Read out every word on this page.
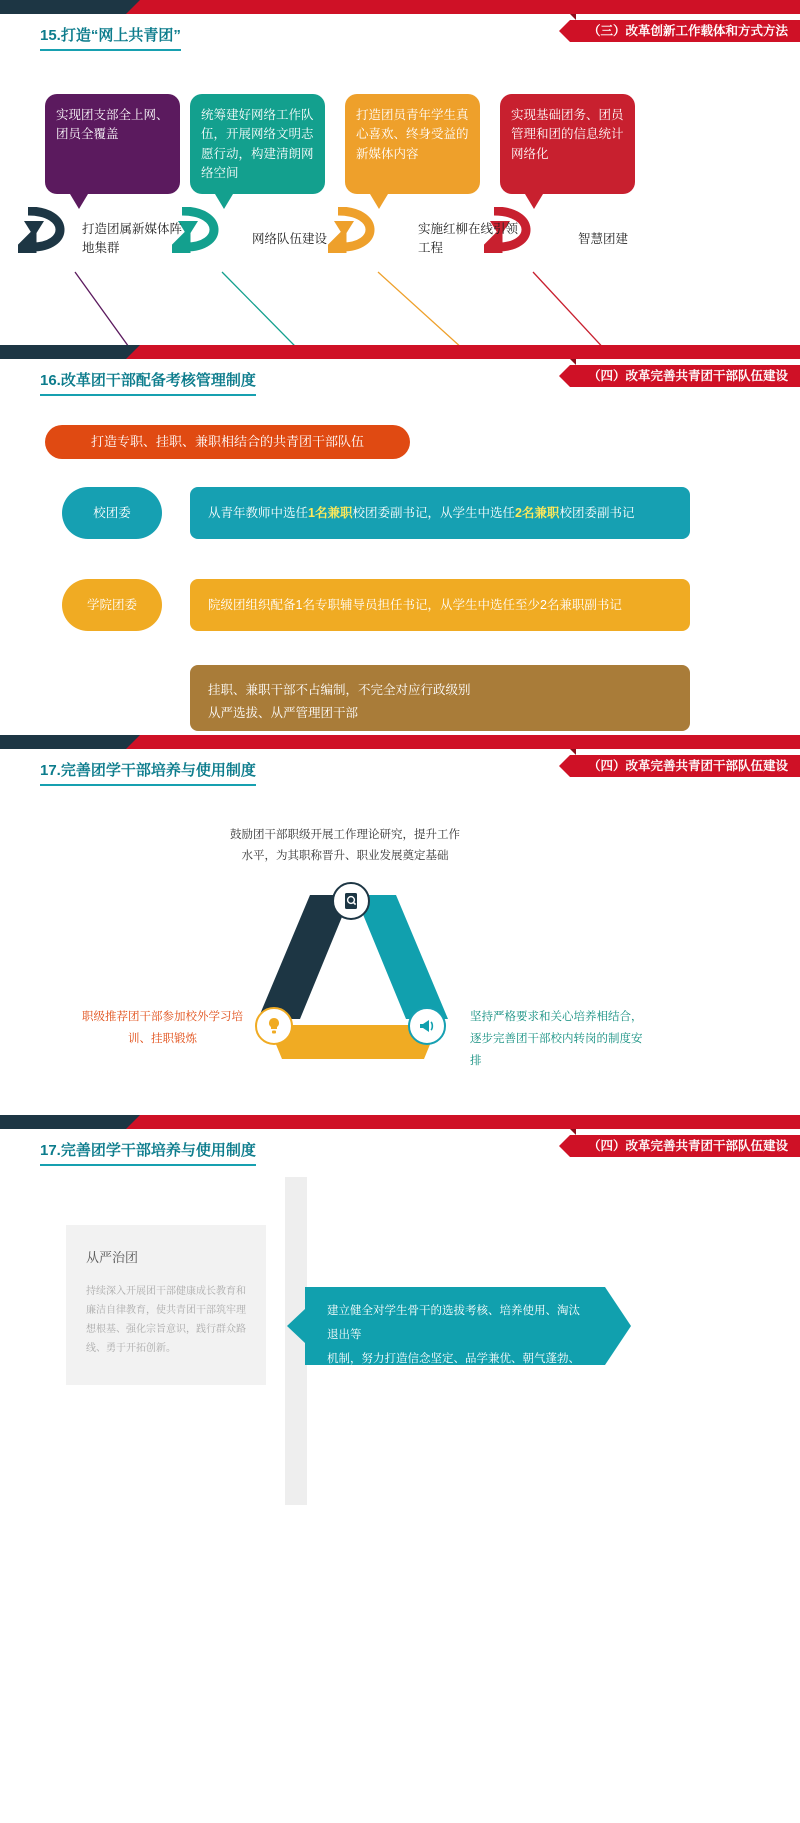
15.打造“网上共青团”	（三）改革创新工作载体和方式方法
实现团支部全上网、团员全覆盖
统筹建好网络工作队伍，开展网络文明志愿行动，构建清朗网络空间
打造团员青年学生真心喜欢、终身受益的新媒体内容
实现基础团务、团员管理和团的信息统计网络化
打造团属新媒体阵地集群
网络队伍建设
实施红柳在线引领工程
智慧团建
16.改革团干部配备考核管理制度	（四）改革完善共青团干部队伍建设
打造专职、挂职、兼职相结合的共青团干部队伍
校团委	从青年教师中选任1名兼职校团委副书记，从学生中选任2名兼职校团委副书记
学院团委	院级团组织配备1名专职辅导员担任书记，从学生中选任至少2名兼职副书记
挂职、兼职干部不占编制，不完全对应行政级别
从严选拔、从严管理团干部
17.完善团学干部培养与使用制度	（四）改革完善共青团干部队伍建设
鼓励团干部职级开展工作理论研究，提升工作水平，为其职称晋升、职业发展奠定基础
职级推荐团干部参加校外学习培训、挂职锻炼
坚持严格要求和关心培养相结合，逐步完善团干部校内转岗的制度安排
17.完善团学干部培养与使用制度	（四）改革完善共青团干部队伍建设
从严治团

持续深入开展团干部健康成长教育和廉洁自律教育，使共青团干部筑牢理想根基、强化宗旨意识，践行群众路线、勇于开拓创新。

建立健全对学生骨干的选拔考核、培养使用、淘汰退出等
机制，努力打造信念坚定、品学兼优、朝气蓬勃、心系同
学的学生骨干队伍
